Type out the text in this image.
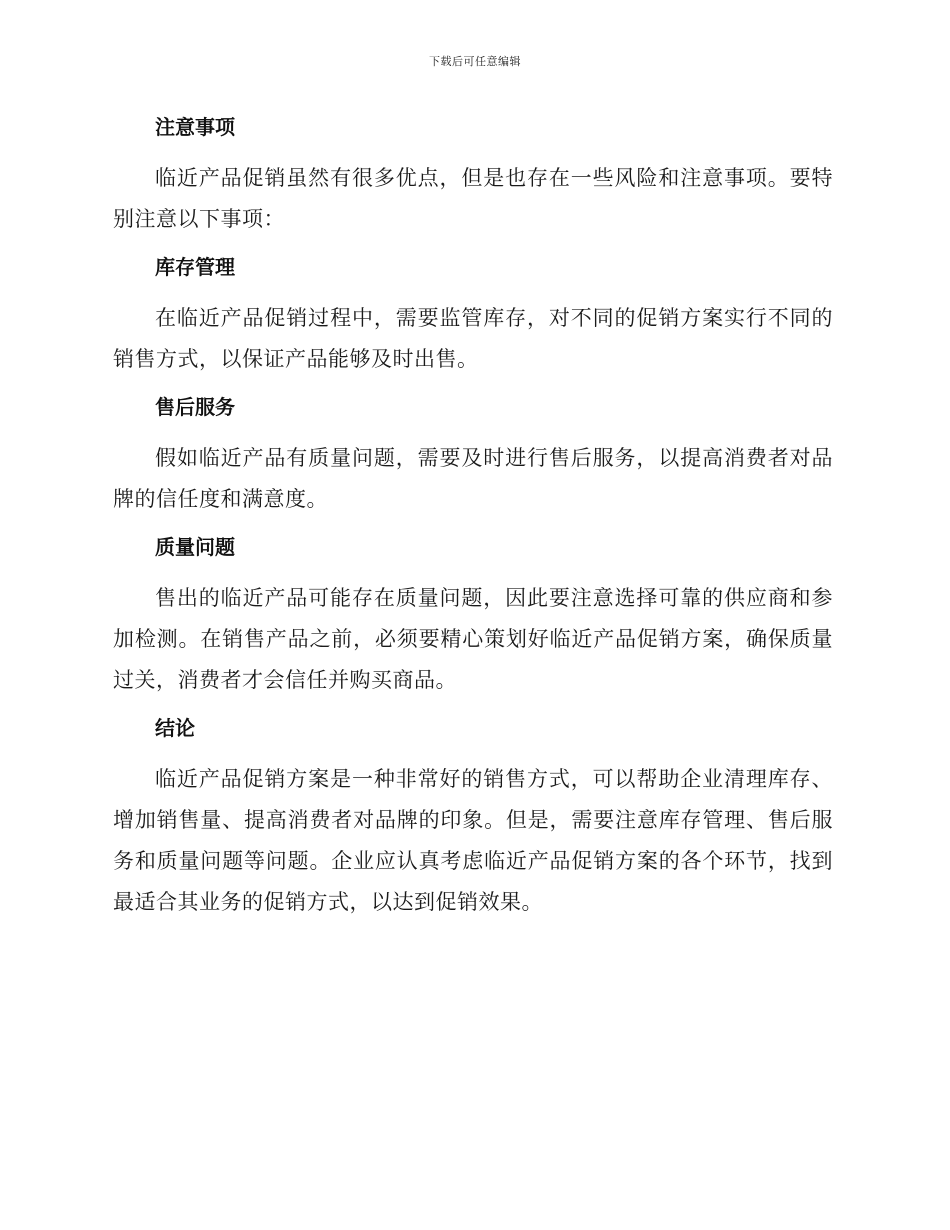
下载后可任意编辑
注意事项

临近产品促销虽然有很多优点，但是也存在一些风险和注意事项。要特别注意以下事项：

库存管理

在临近产品促销过程中，需要监管库存，对不同的促销方案实行不同的销售方式，以保证产品能够及时出售。

售后服务

假如临近产品有质量问题，需要及时进行售后服务，以提高消费者对品牌的信任度和满意度。

质量问题

售出的临近产品可能存在质量问题，因此要注意选择可靠的供应商和参加检测。在销售产品之前，必须要精心策划好临近产品促销方案，确保质量过关，消费者才会信任并购买商品。

结论

临近产品促销方案是一种非常好的销售方式，可以帮助企业清理库存、增加销售量、提高消费者对品牌的印象。但是，需要注意库存管理、售后服务和质量问题等问题。企业应认真考虑临近产品促销方案的各个环节，找到最适合其业务的促销方式，以达到促销效果。
